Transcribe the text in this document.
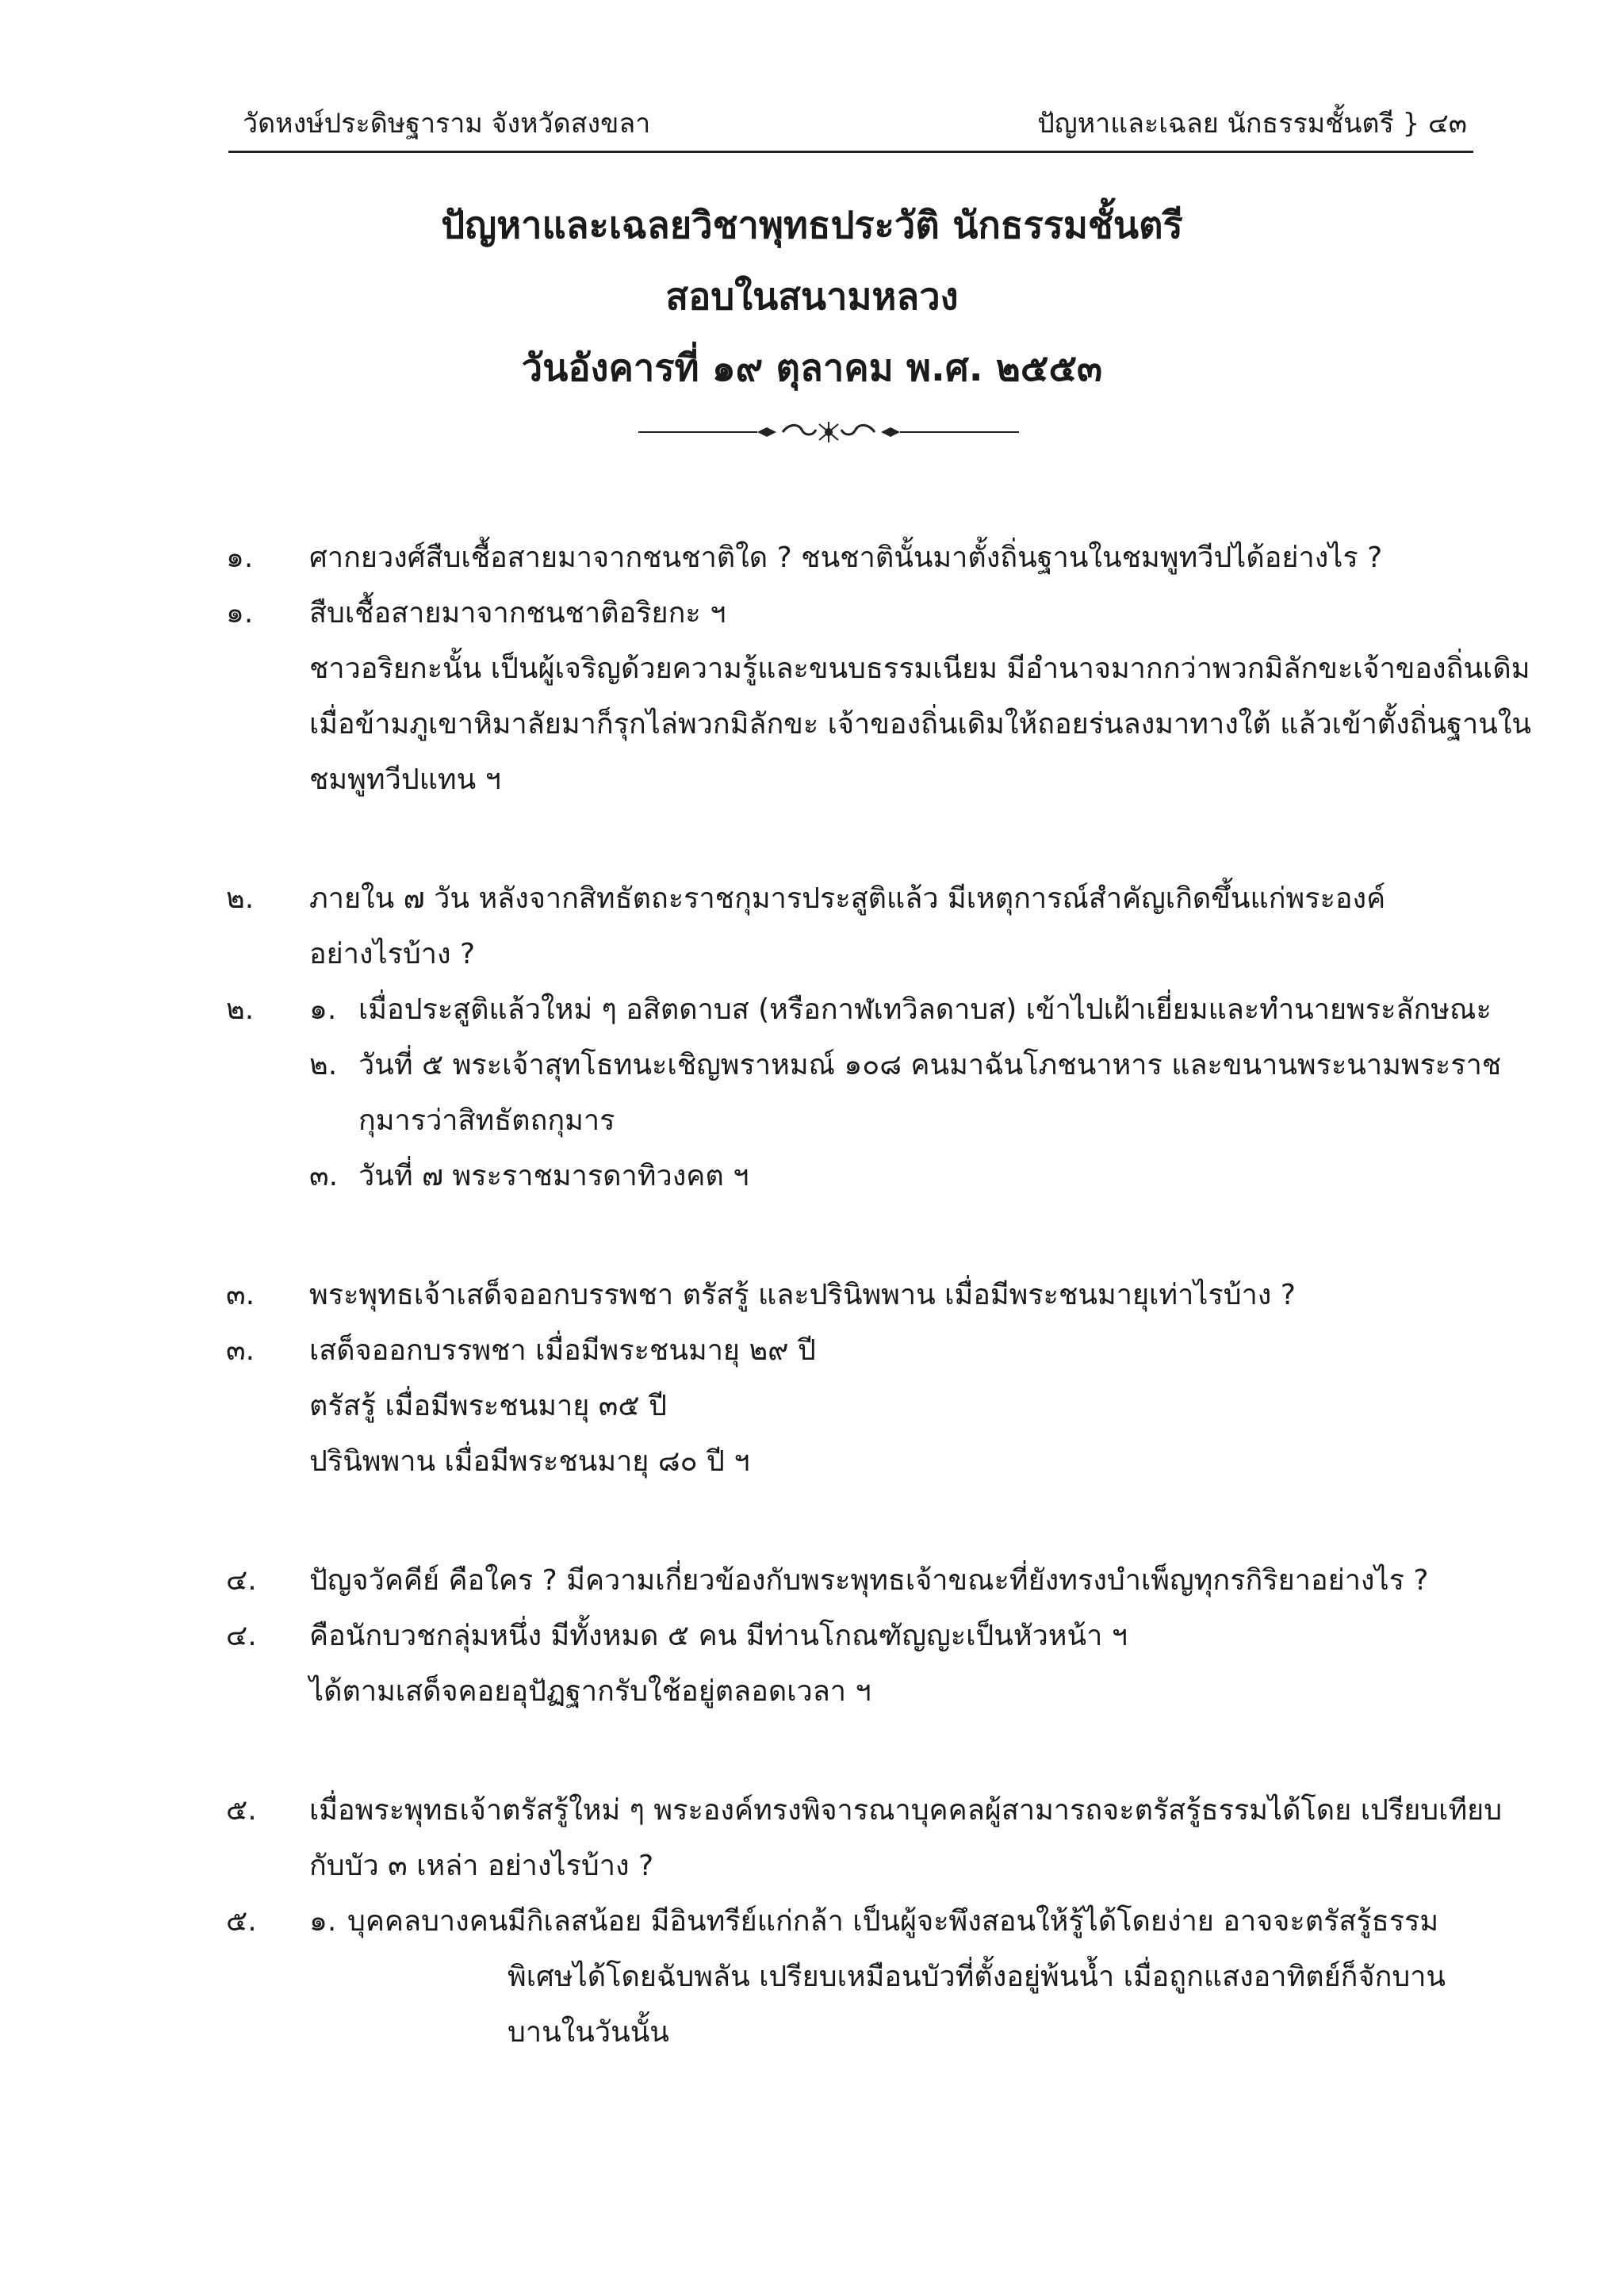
วัดหงษ์ประดิษฐาราม จังหวัดสงขลา	ปัญหาและเฉลย นักธรรมชั้นตรี } ๔๓
ปัญหาและเฉลยวิชาพุทธประวัติ นักธรรมชั้นตรี
สอบในสนามหลวง
วันอังคารที่ ๑๙ ตุลาคม พ.ศ. ๒๕๕๓
๑. ศากยวงศ์สืบเชื้อสายมาจากชนชาติใด ? ชนชาตินั้นมาตั้งถิ่นฐานในชมพูทวีปได้อย่างไร ?
๑. สืบเชื้อสายมาจากชนชาติอริยกะ ฯ
ชาวอริยกะนั้น เป็นผู้เจริญด้วยความรู้และขนบธรรมเนียม มีอำนาจมากกว่าพวกมิลักขะเจ้าของถิ่นเดิม
เมื่อข้ามภูเขาหิมาลัยมาก็รุกไล่พวกมิลักขะ เจ้าของถิ่นเดิมให้ถอยร่นลงมาทางใต้ แล้วเข้าตั้งถิ่นฐานใน
ชมพูทวีปแทน ฯ
๒. ภายใน ๗ วัน หลังจากสิทธัตถะราชกุมารประสูติแล้ว มีเหตุการณ์สำคัญเกิดขึ้นแก่พระองค์
อย่างไรบ้าง ?
๒. ๑. เมื่อประสูติแล้วใหม่ ๆ อสิตดาบส (หรือกาฬเทวิลดาบส) เข้าไปเฝ้าเยี่ยมและทำนายพระลักษณะ
๒. วันที่ ๕ พระเจ้าสุทโธทนะเชิญพราหมณ์ ๑๐๘ คนมาฉันโภชนาหาร และขนานพระนามพระราช
กุมารว่าสิทธัตถกุมาร
๓. วันที่ ๗ พระราชมารดาทิวงคต ฯ
๓. พระพุทธเจ้าเสด็จออกบรรพชา ตรัสรู้ และปรินิพพาน เมื่อมีพระชนมายุเท่าไรบ้าง ?
๓. เสด็จออกบรรพชา เมื่อมีพระชนมายุ ๒๙ ปี
ตรัสรู้ เมื่อมีพระชนมายุ ๓๕ ปี
ปรินิพพาน เมื่อมีพระชนมายุ ๘๐ ปี ฯ
๔. ปัญจวัคคีย์ คือใคร ? มีความเกี่ยวข้องกับพระพุทธเจ้าขณะที่ยังทรงบำเพ็ญทุกรกิริยาอย่างไร ?
๔. คือนักบวชกลุ่มหนึ่ง มีทั้งหมด ๕ คน มีท่านโกณฑัญญะเป็นหัวหน้า ฯ
ได้ตามเสด็จคอยอุปัฏฐากรับใช้อยู่ตลอดเวลา ฯ
๕. เมื่อพระพุทธเจ้าตรัสรู้ใหม่ ๆ พระองค์ทรงพิจารณาบุคคลผู้สามารถจะตรัสรู้ธรรมได้โดย เปรียบเทียบ
กับบัว ๓ เหล่า อย่างไรบ้าง ?
๕. ๑. บุคคลบางคน มีกิเลสน้อย มีอินทรีย์แก่กล้า เป็นผู้จะพึงสอนให้รู้ได้โดยง่าย อาจจะตรัสรู้ธรรม
พิเศษได้โดยฉับพลัน เปรียบเหมือนบัวที่ตั้งอยู่พ้นน้ำ เมื่อถูกแสงอาทิตย์ก็จักบาน
บานในวันนั้น
